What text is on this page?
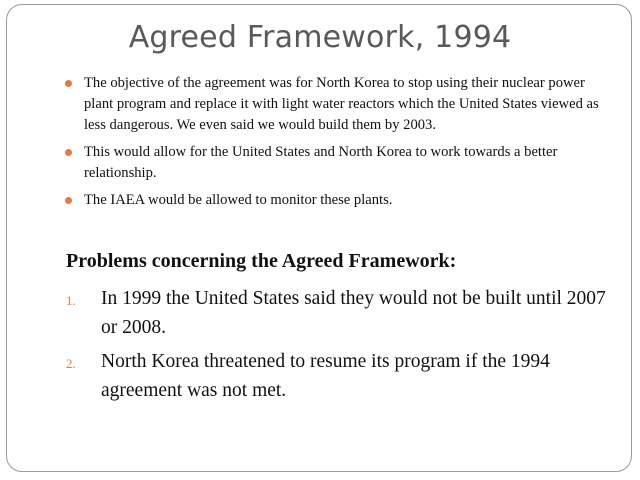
Agreed Framework, 1994
The objective of the agreement was for North Korea to stop using their nuclear power plant program and replace it with light water reactors which the United States viewed as less dangerous. We even said we would build them by 2003.
This would allow for the United States and North Korea to work towards a better relationship.
The IAEA would be allowed to monitor these plants.
Problems concerning the Agreed Framework:
1. In 1999 the United States said they would not be built until 2007 or 2008.
2. North Korea threatened to resume its program if the 1994 agreement was not met.
